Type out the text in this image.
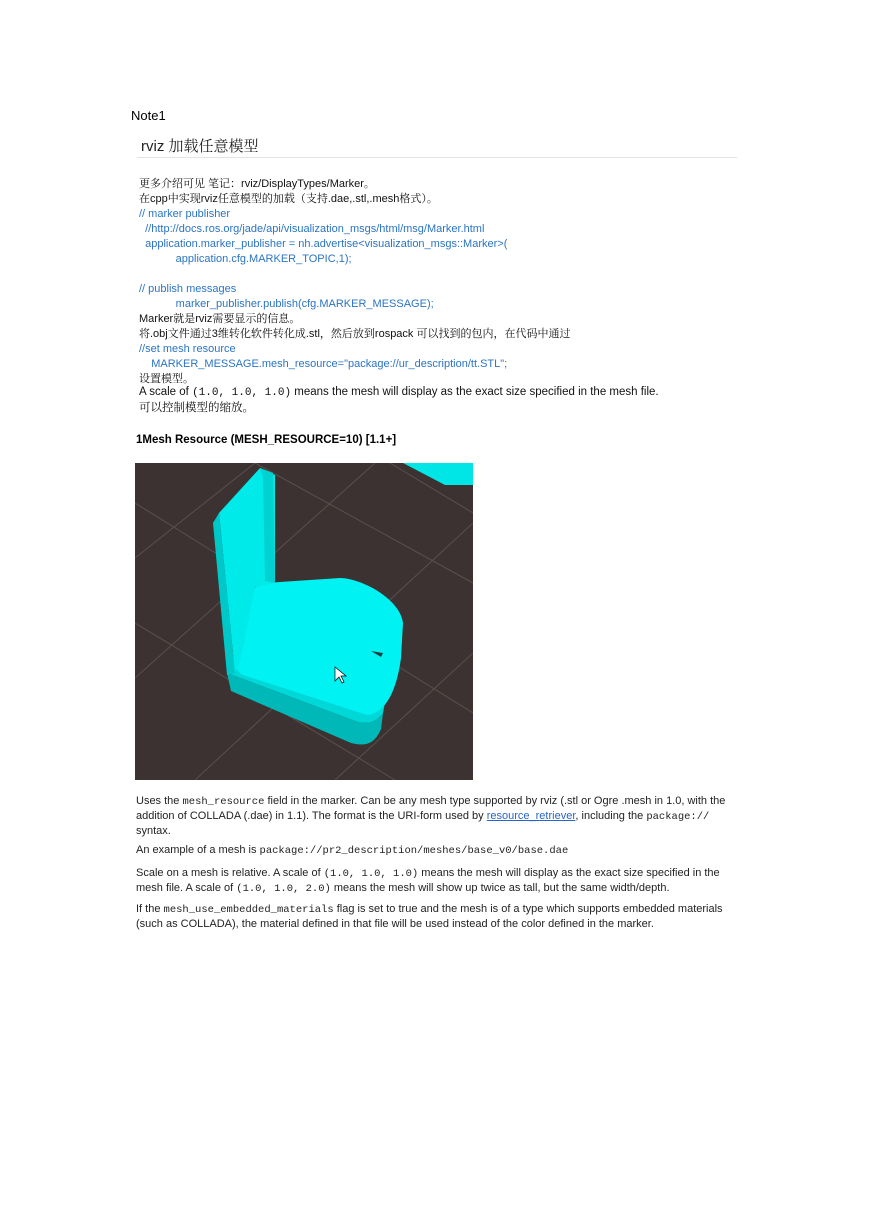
Note1
rviz 加载任意模型
更多介绍可见 笔记：rviz/DisplayTypes/Marker。
在cpp中实现rviz任意模型的加载（支持.dae,.stl,.mesh格式）。
// marker publisher
//http://docs.ros.org/jade/api/visualization_msgs/html/msg/Marker.html
application.marker_publisher = nh.advertise<visualization_msgs::Marker>(
application.cfg.MARKER_TOPIC,1);
// publish messages
marker_publisher.publish(cfg.MARKER_MESSAGE);
Marker就是rviz需要显示的信息。
将.obj文件通过3维转化软件转化成.stl，然后放到rospack 可以找到的包内，在代码中通过
//set mesh resource
MARKER_MESSAGE.mesh_resource="package://ur_description/tt.STL";
设置模型。
A scale of (1.0, 1.0, 1.0) means the mesh will display as the exact size specified in the mesh file.
可以控制模型的缩放。
1Mesh Resource (MESH_RESOURCE=10) [1.1+]
Uses the mesh_resource field in the marker. Can be any mesh type supported by rviz (.stl or Ogre .mesh in 1.0, with the addition of COLLADA (.dae) in 1.1). The format is the URI-form used by resource_retriever, including the package:// syntax.
An example of a mesh is package://pr2_description/meshes/base_v0/base.dae
Scale on a mesh is relative. A scale of (1.0, 1.0, 1.0) means the mesh will display as the exact size specified in the mesh file. A scale of (1.0, 1.0, 2.0) means the mesh will show up twice as tall, but the same width/depth.
If the mesh_use_embedded_materials flag is set to true and the mesh is of a type which supports embedded materials (such as COLLADA), the material defined in that file will be used instead of the color defined in the marker.
